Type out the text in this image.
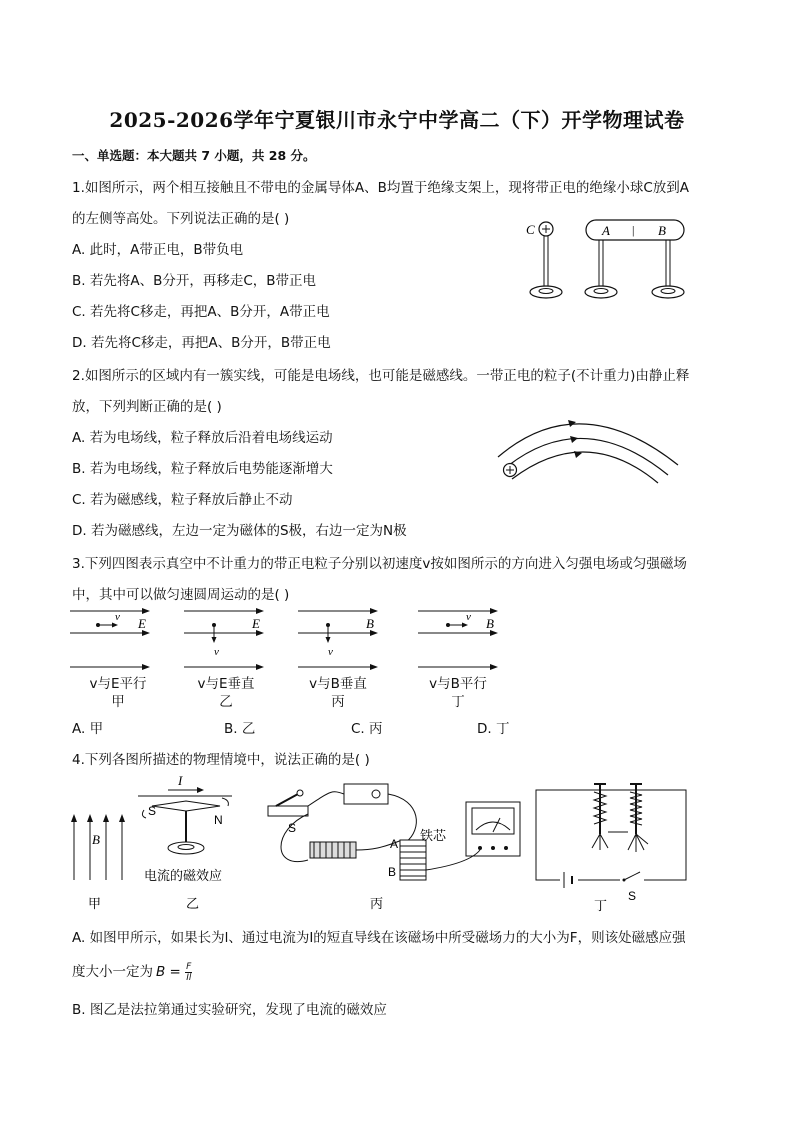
2025-2026学年宁夏银川市永宁中学高二（下）开学物理试卷
一、单选题：本大题共 7 小题，共 28 分。
1.如图所示，两个相互接触且不带电的金属导体A、B均置于绝缘支架上，现将带正电的绝缘小球C放到A
的左侧等高处。下列说法正确的是( )
A. 此时，A带正电，B带负电
B. 若先将A、B分开，再移走C，B带正电
C. 若先将C移走，再把A、B分开，A带正电
D. 若先将C移走，再把A、B分开，B带正电
C	A | B
2.如图所示的区域内有一簇实线，可能是电场线，也可能是磁感线。一带正电的粒子(不计重力)由静止释
放，下列判断正确的是( )
A. 若为电场线，粒子释放后沿着电场线运动
B. 若为电场线，粒子释放后电势能逐渐增大
C. 若为磁感线，粒子释放后静止不动
D. 若为磁感线，左边一定为磁体的S极，右边一定为N极
3.下列四图表示真空中不计重力的带正电粒子分别以初速度v按如图所示的方向进入匀强电场或匀强磁场
中，其中可以做匀速圆周运动的是( )
v E
v与E平行
甲
v
E
v与E垂直
乙
v
B
v与B垂直
丙
v B
v与B平行
丁
A. 甲	B. 乙	C. 丙	D. 丁
4.下列各图所描述的物理情境中，说法正确的是( )
B
甲
I
S
N
电流的磁效应
乙
S
A
B
铁芯
丙
S
丁
A. 如图甲所示，如果长为l、通过电流为I的短直导线在该磁场中所受磁场力的大小为F，则该处磁感应强
度大小一定为 $B = \frac{F}{Il}$
B. 图乙是法拉第通过实验研究，发现了电流的磁效应
